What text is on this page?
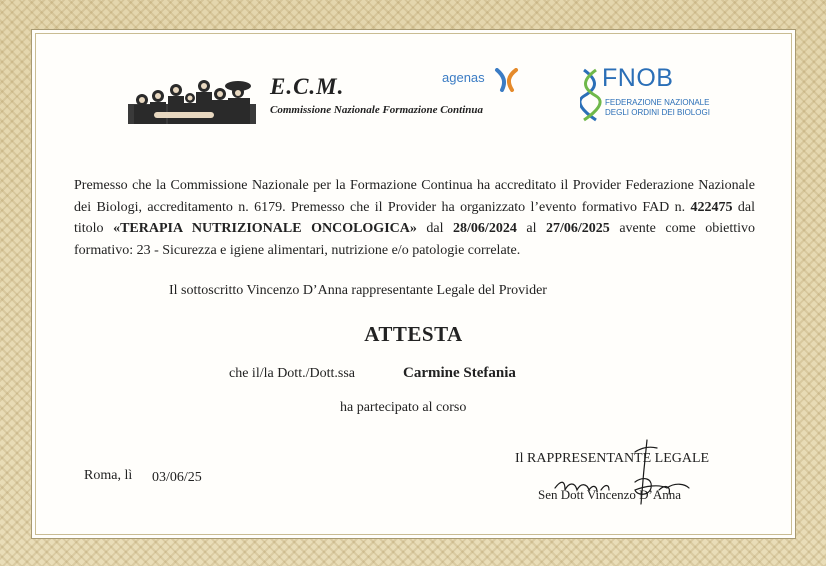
E.C.M.
Commissione Nazionale Formazione Continua
agenas	FNOB
FEDERAZIONE NAZIONALE
DEGLI ORDINI DEI BIOLOGI
Premesso che la Commissione Nazionale per la Formazione Continua ha accreditato il Provider Federazione Nazionale dei Biologi, accreditamento n. 6179. Premesso che il Provider ha organizzato l’evento formativo FAD n. 422475 dal titolo «TERAPIA NUTRIZIONALE ONCOLOGICA» dal 28/06/2024 al 27/06/2025 avente come obiettivo formativo: 23 - Sicurezza e igiene alimentari, nutrizione e/o patologie correlate.
Il sottoscritto Vincenzo D’Anna rappresentante Legale del Provider
ATTESTA
che il/la Dott./Dott.ssa	Carmine Stefania
ha partecipato al corso
Roma, lì 03/06/25
Il RAPPRESENTANTE LEGALE
Sen Dott Vincenzo D’Anna
